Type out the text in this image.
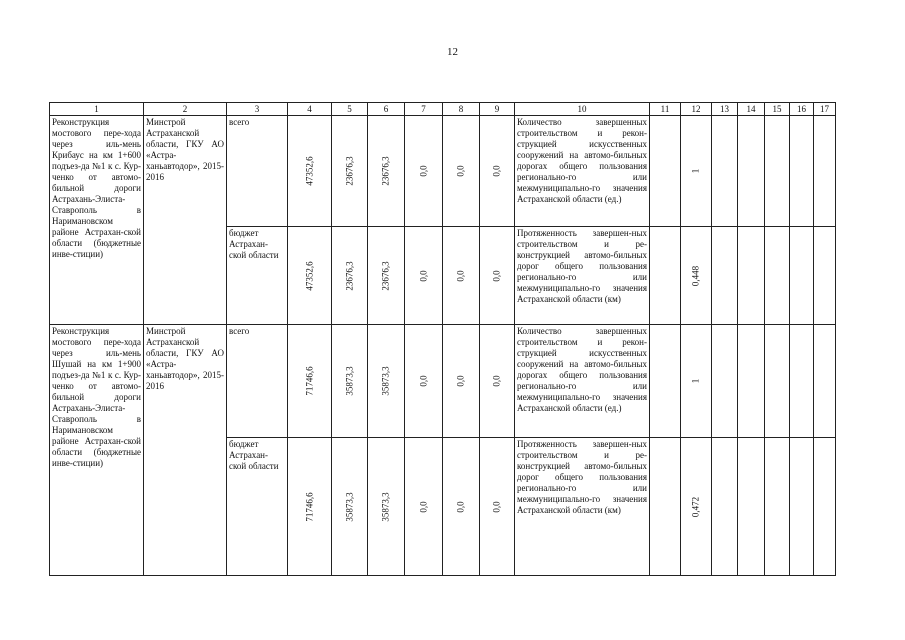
12
1	2	3	4	5	6	7	8	9	10	11	12	13	14	15	16	17
Реконструкция мостового пере-хода через иль-мень Крибаус на км 1+600 подъез-да №1 к с. Кур-ченко от автомо-бильной дороги Астрахань-Элиста-Ставрополь в Наримановском районе Астрахан-ской области (бюджетные инве-стиции)	Минстрой Астраханской области, ГКУ АО «Астра-ханьавтодор», 2015-2016	всего	47352,6	23676,3	23676,3	0,0	0,0	0,0	Количество завершенных строительством и рекон-струкцией искусственных сооружений на автомо-бильных дорогах общего пользования регионально-го или межмуниципально-го значения Астраханской области (ед.)		1					

		бюджет Астрахан-ской области	47352,6	23676,3	23676,3	0,0	0,0	0,0	Протяженность завершен-ных строительством и ре-конструкцией автомо-бильных дорог общего пользования регионально-го или межмуниципально-го значения Астраханской области (км)		0,448					

Реконструкция мостового пере-хода через иль-мень Шушай на км 1+900 подъез-да №1 к с. Кур-ченко от автомо-бильной дороги Астрахань-Элиста-Ставрополь в Наримановском районе Астрахан-ской области (бюджетные инве-стиции)	Минстрой Астраханской области, ГКУ АО «Астра-ханьавтодор», 2015-2016	всего	71746,6	35873,3	35873,3	0,0	0,0	0,0	Количество завершенных строительством и рекон-струкцией искусственных сооружений на автомо-бильных дорогах общего пользования регионально-го или межмуниципально-го значения Астраханской области (ед.)		1					

		бюджет Астрахан-ской области	71746,6	35873,3	35873,3	0,0	0,0	0,0	Протяженность завершен-ных строительством и ре-конструкцией автомо-бильных дорог общего пользования регионально-го или межмуниципально-го значения Астраханской области (км)		0,472					
